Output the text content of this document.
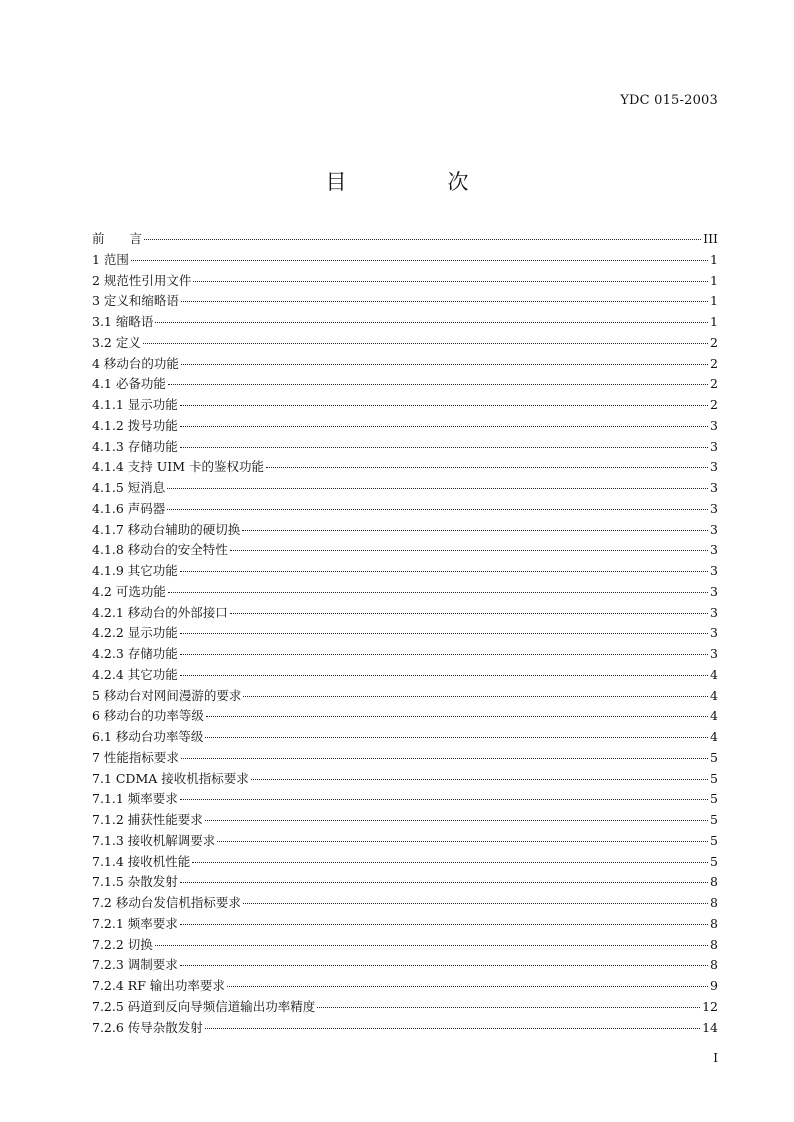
YDC 015-2003
目　次
前　　言	III
1 范围	1
2 规范性引用文件	1
3 定义和缩略语	1
3.1 缩略语	1
3.2 定义	2
4 移动台的功能	2
4.1 必备功能	2
4.1.1 显示功能	2
4.1.2 拨号功能	3
4.1.3 存储功能	3
4.1.4 支持 UIM 卡的鉴权功能	3
4.1.5 短消息	3
4.1.6 声码器	3
4.1.7 移动台辅助的硬切换	3
4.1.8 移动台的安全特性	3
4.1.9 其它功能	3
4.2 可选功能	3
4.2.1 移动台的外部接口	3
4.2.2 显示功能	3
4.2.3 存储功能	3
4.2.4 其它功能	4
5 移动台对网间漫游的要求	4
6 移动台的功率等级	4
6.1 移动台功率等级	4
7 性能指标要求	5
7.1 CDMA 接收机指标要求	5
7.1.1 频率要求	5
7.1.2 捕获性能要求	5
7.1.3 接收机解调要求	5
7.1.4 接收机性能	5
7.1.5 杂散发射	8
7.2 移动台发信机指标要求	8
7.2.1 频率要求	8
7.2.2 切换	8
7.2.3 调制要求	8
7.2.4 RF 输出功率要求	9
7.2.5 码道到反向导频信道输出功率精度	12
7.2.6 传导杂散发射	14
I
